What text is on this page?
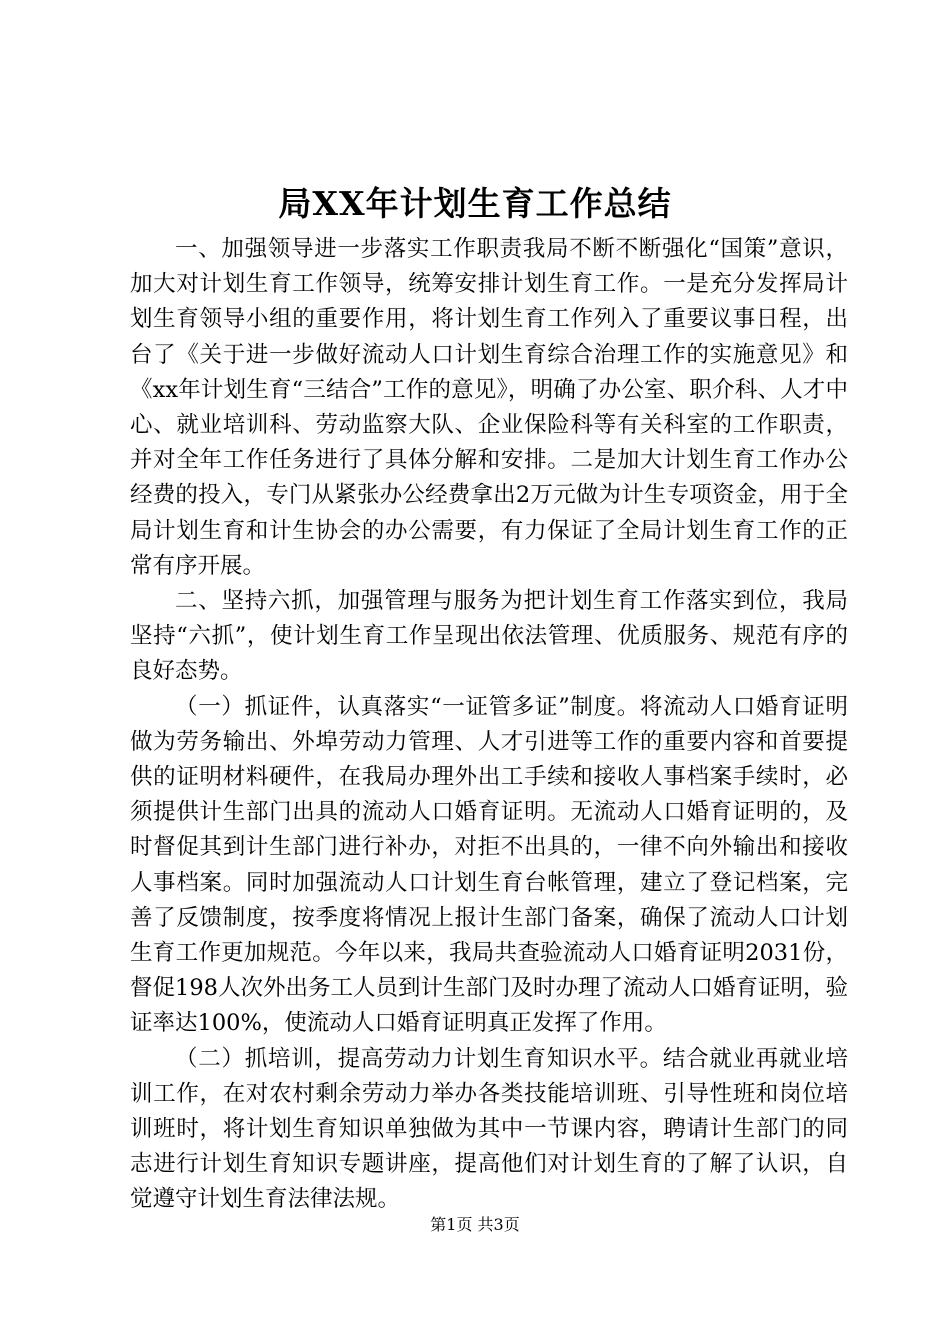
局XX年计划生育工作总结

一、加强领导进一步落实工作职责我局不断不断强化“国策”意识，加大对计划生育工作领导，统筹安排计划生育工作。一是充分发挥局计划生育领导小组的重要作用，将计划生育工作列入了重要议事日程，出台了《关于进一步做好流动人口计划生育综合治理工作的实施意见》和《xx年计划生育“三结合”工作的意见》，明确了办公室、职介科、人才中心、就业培训科、劳动监察大队、企业保险科等有关科室的工作职责，并对全年工作任务进行了具体分解和安排。二是加大计划生育工作办公经费的投入，专门从紧张办公经费拿出2万元做为计生专项资金，用于全局计划生育和计生协会的办公需要，有力保证了全局计划生育工作的正常有序开展。

二、坚持六抓，加强管理与服务为把计划生育工作落实到位，我局坚持“六抓”，使计划生育工作呈现出依法管理、优质服务、规范有序的良好态势。

（一）抓证件，认真落实“一证管多证”制度。将流动人口婚育证明做为劳务输出、外埠劳动力管理、人才引进等工作的重要内容和首要提供的证明材料硬件，在我局办理外出工手续和接收人事档案手续时，必须提供计生部门出具的流动人口婚育证明。无流动人口婚育证明的，及时督促其到计生部门进行补办，对拒不出具的，一律不向外输出和接收人事档案。同时加强流动人口计划生育台帐管理，建立了登记档案，完善了反馈制度，按季度将情况上报计生部门备案，确保了流动人口计划生育工作更加规范。今年以来，我局共查验流动人口婚育证明2031份，督促198人次外出务工人员到计生部门及时办理了流动人口婚育证明，验证率达100%，使流动人口婚育证明真正发挥了作用。

（二）抓培训，提高劳动力计划生育知识水平。结合就业再就业培训工作，在对农村剩余劳动力举办各类技能培训班、引导性班和岗位培训班时，将计划生育知识单独做为其中一节课内容，聘请计生部门的同志进行计划生育知识专题讲座，提高他们对计划生育的了解了认识，自觉遵守计划生育法律法规。

第1页 共3页
